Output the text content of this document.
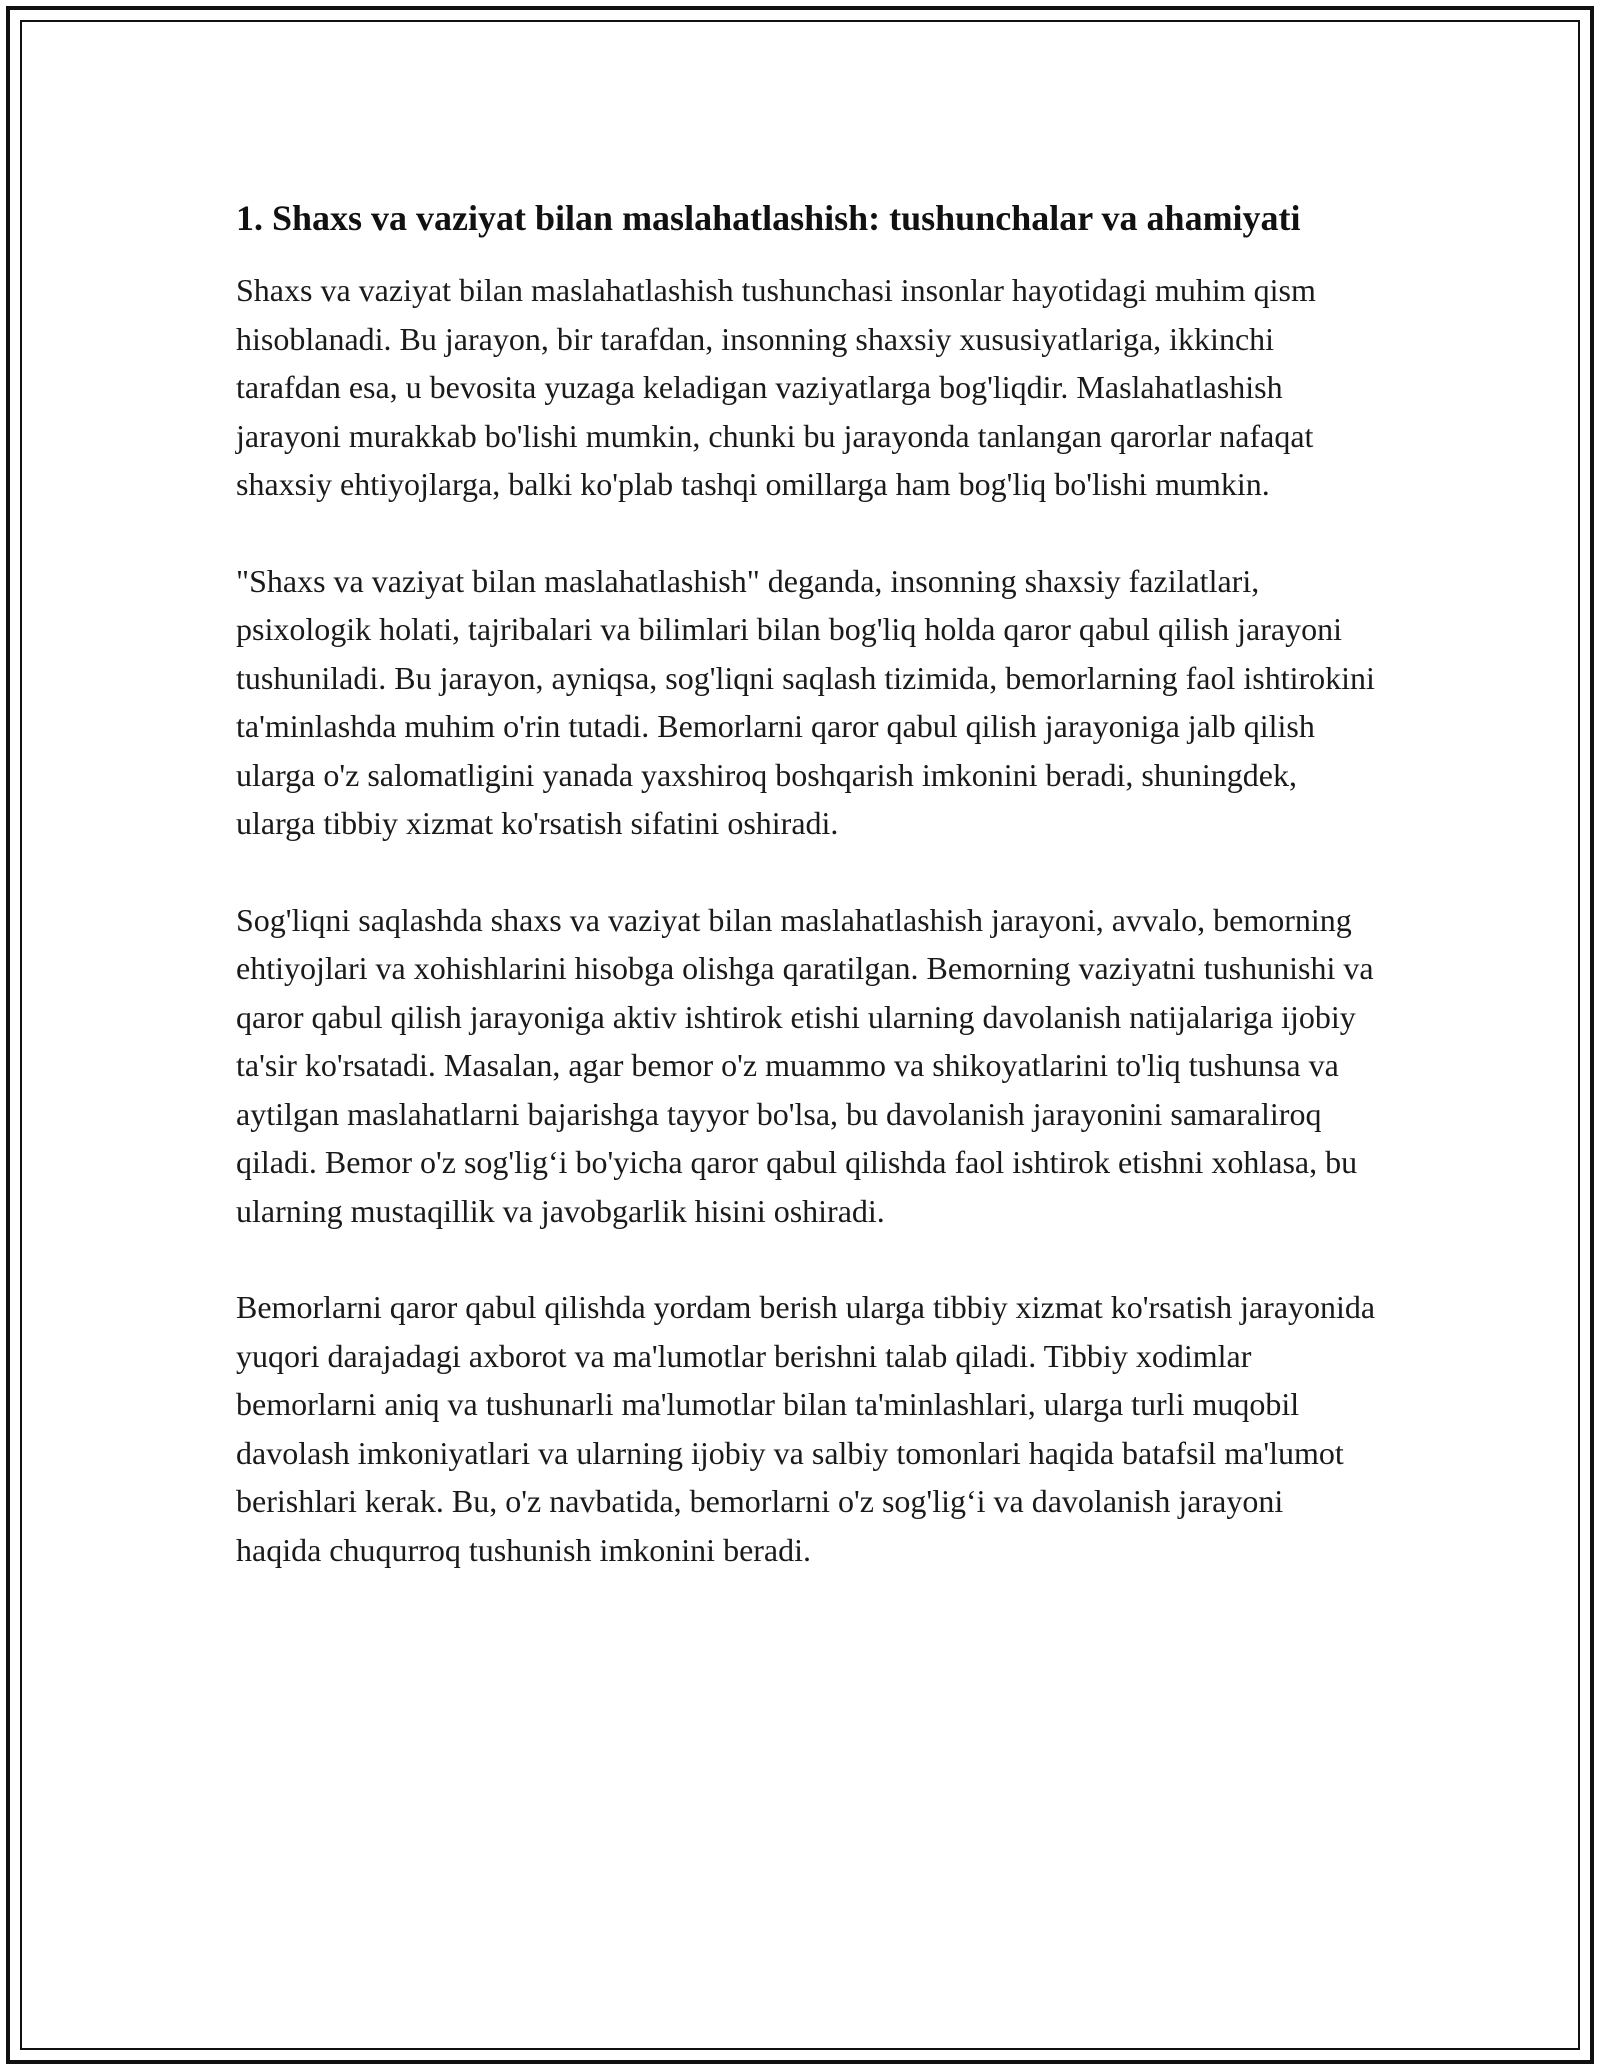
1. Shaxs va vaziyat bilan maslahatlashish: tushunchalar va ahamiyati

Shaxs va vaziyat bilan maslahatlashish tushunchasi insonlar hayotidagi muhim qism hisoblanadi. Bu jarayon, bir tarafdan, insonning shaxsiy xususiyatlariga, ikkinchi tarafdan esa, u bevosita yuzaga keladigan vaziyatlarga bog'liqdir. Maslahatlashish jarayoni murakkab bo'lishi mumkin, chunki bu jarayonda tanlangan qarorlar nafaqat shaxsiy ehtiyojlarga, balki ko'plab tashqi omillarga ham bog'liq bo'lishi mumkin.

"Shaxs va vaziyat bilan maslahatlashish" deganda, insonning shaxsiy fazilatlari, psixologik holati, tajribalari va bilimlari bilan bog'liq holda qaror qabul qilish jarayoni tushuniladi. Bu jarayon, ayniqsa, sog'liqni saqlash tizimida, bemorlarning faol ishtirokini ta'minlashda muhim o'rin tutadi. Bemorlarni qaror qabul qilish jarayoniga jalb qilish ularga o'z salomatligini yanada yaxshiroq boshqarish imkonini beradi, shuningdek, ularga tibbiy xizmat ko'rsatish sifatini oshiradi.

Sog'liqni saqlashda shaxs va vaziyat bilan maslahatlashish jarayoni, avvalo, bemorning ehtiyojlari va xohishlarini hisobga olishga qaratilgan. Bemorning vaziyatni tushunishi va qaror qabul qilish jarayoniga aktiv ishtirok etishi ularning davolanish natijalariga ijobiy ta'sir ko'rsatadi. Masalan, agar bemor o'z muammo va shikoyatlarini to'liq tushunsa va aytilgan maslahatlarni bajarishga tayyor bo'lsa, bu davolanish jarayonini samaraliroq qiladi. Bemor o'z sog'lig‘i bo'yicha qaror qabul qilishda faol ishtirok etishni xohlasa, bu ularning mustaqillik va javobgarlik hisini oshiradi.

Bemorlarni qaror qabul qilishda yordam berish ularga tibbiy xizmat ko'rsatish jarayonida yuqori darajadagi axborot va ma'lumotlar berishni talab qiladi. Tibbiy xodimlar bemorlarni aniq va tushunarli ma'lumotlar bilan ta'minlashlari, ularga turli muqobil davolash imkoniyatlari va ularning ijobiy va salbiy tomonlari haqida batafsil ma'lumot berishlari kerak. Bu, o'z navbatida, bemorlarni o'z sog'lig‘i va davolanish jarayoni haqida chuqurroq tushunish imkonini beradi.
